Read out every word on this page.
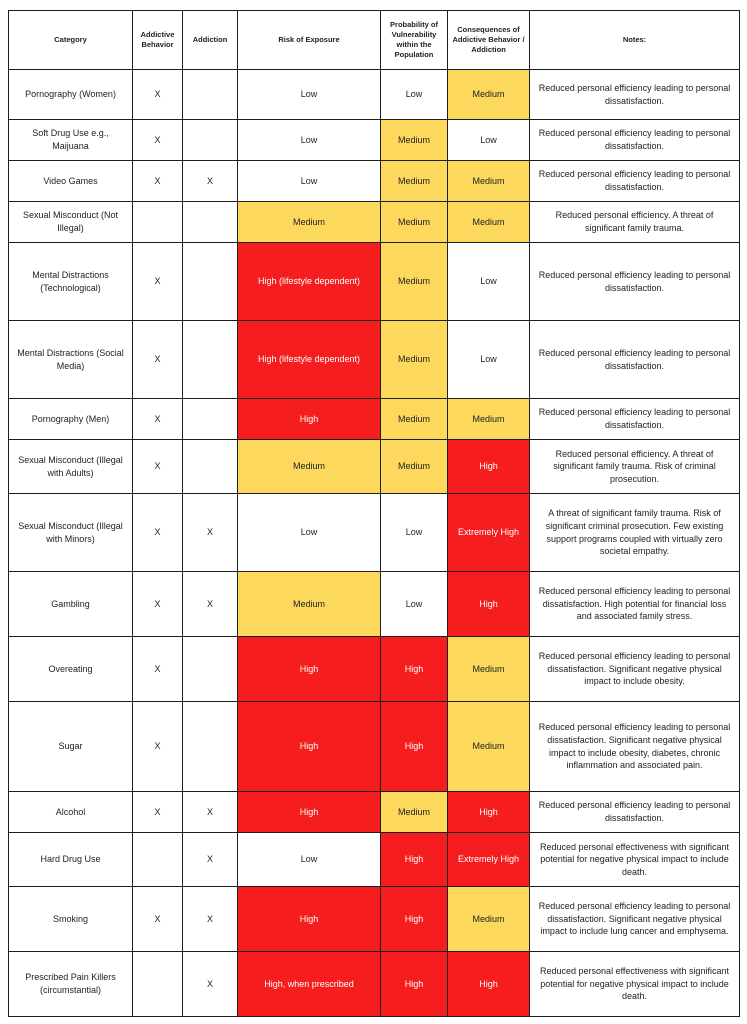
Category	Addictive Behavior	Addiction	Risk of Exposure	Probability of Vulnerability within the Population	Consequences of Addictive Behavior / Addiction	Notes:
Pornography (Women)	X		Low	Low	Medium	Reduced personal efficiency leading to personal dissatisfaction.
Soft Drug Use e.g., Maijuana	X		Low	Medium	Low	Reduced personal efficiency leading to personal dissatisfaction.
Video Games	X	X	Low	Medium	Medium	Reduced personal efficiency leading to personal dissatisfaction.
Sexual Misconduct (Not Illegal)			Medium	Medium	Medium	Reduced personal efficiency. A threat of significant family trauma.
Mental Distractions (Technological)	X		High (lifestyle dependent)	Medium	Low	Reduced personal efficiency leading to personal dissatisfaction.
Mental Distractions (Social Media)	X		High (lifestyle dependent)	Medium	Low	Reduced personal efficiency leading to personal dissatisfaction.
Pornography (Men)	X		High	Medium	Medium	Reduced personal efficiency leading to personal dissatisfaction.
Sexual Misconduct (Illegal with Adults)	X		Medium	Medium	High	Reduced personal efficiency. A threat of significant family trauma. Risk of criminal prosecution.
Sexual Misconduct (Illegal with Minors)	X	X	Low	Low	Extremely High	A threat of significant family trauma. Risk of significant criminal prosecution. Few existing support programs coupled with virtually zero societal empathy.
Gambling	X	X	Medium	Low	High	Reduced personal efficiency leading to personal dissatisfaction. High potential for financial loss and associated family stress.
Overeating	X		High	High	Medium	Reduced personal efficiency leading to personal dissatisfaction. Significant negative physical impact to include obesity.
Sugar	X		High	High	Medium	Reduced personal efficiency leading to personal dissatisfaction. Significant negative physical impact to include obesity, diabetes, chronic inflammation and associated pain.
Alcohol	X	X	High	Medium	High	Reduced personal efficiency leading to personal dissatisfaction.
Hard Drug Use		X	Low	High	Extremely High	Reduced personal effectiveness with significant potential for negative physical impact to include death.
Smoking	X	X	High	High	Medium	Reduced personal efficiency leading to personal dissatisfaction. Significant negative physical impact to include lung cancer and emphysema.
Prescribed Pain Killers (circumstantial)		X	High, when prescribed	High	High	Reduced personal effectiveness with significant potential for negative physical impact to include death.
